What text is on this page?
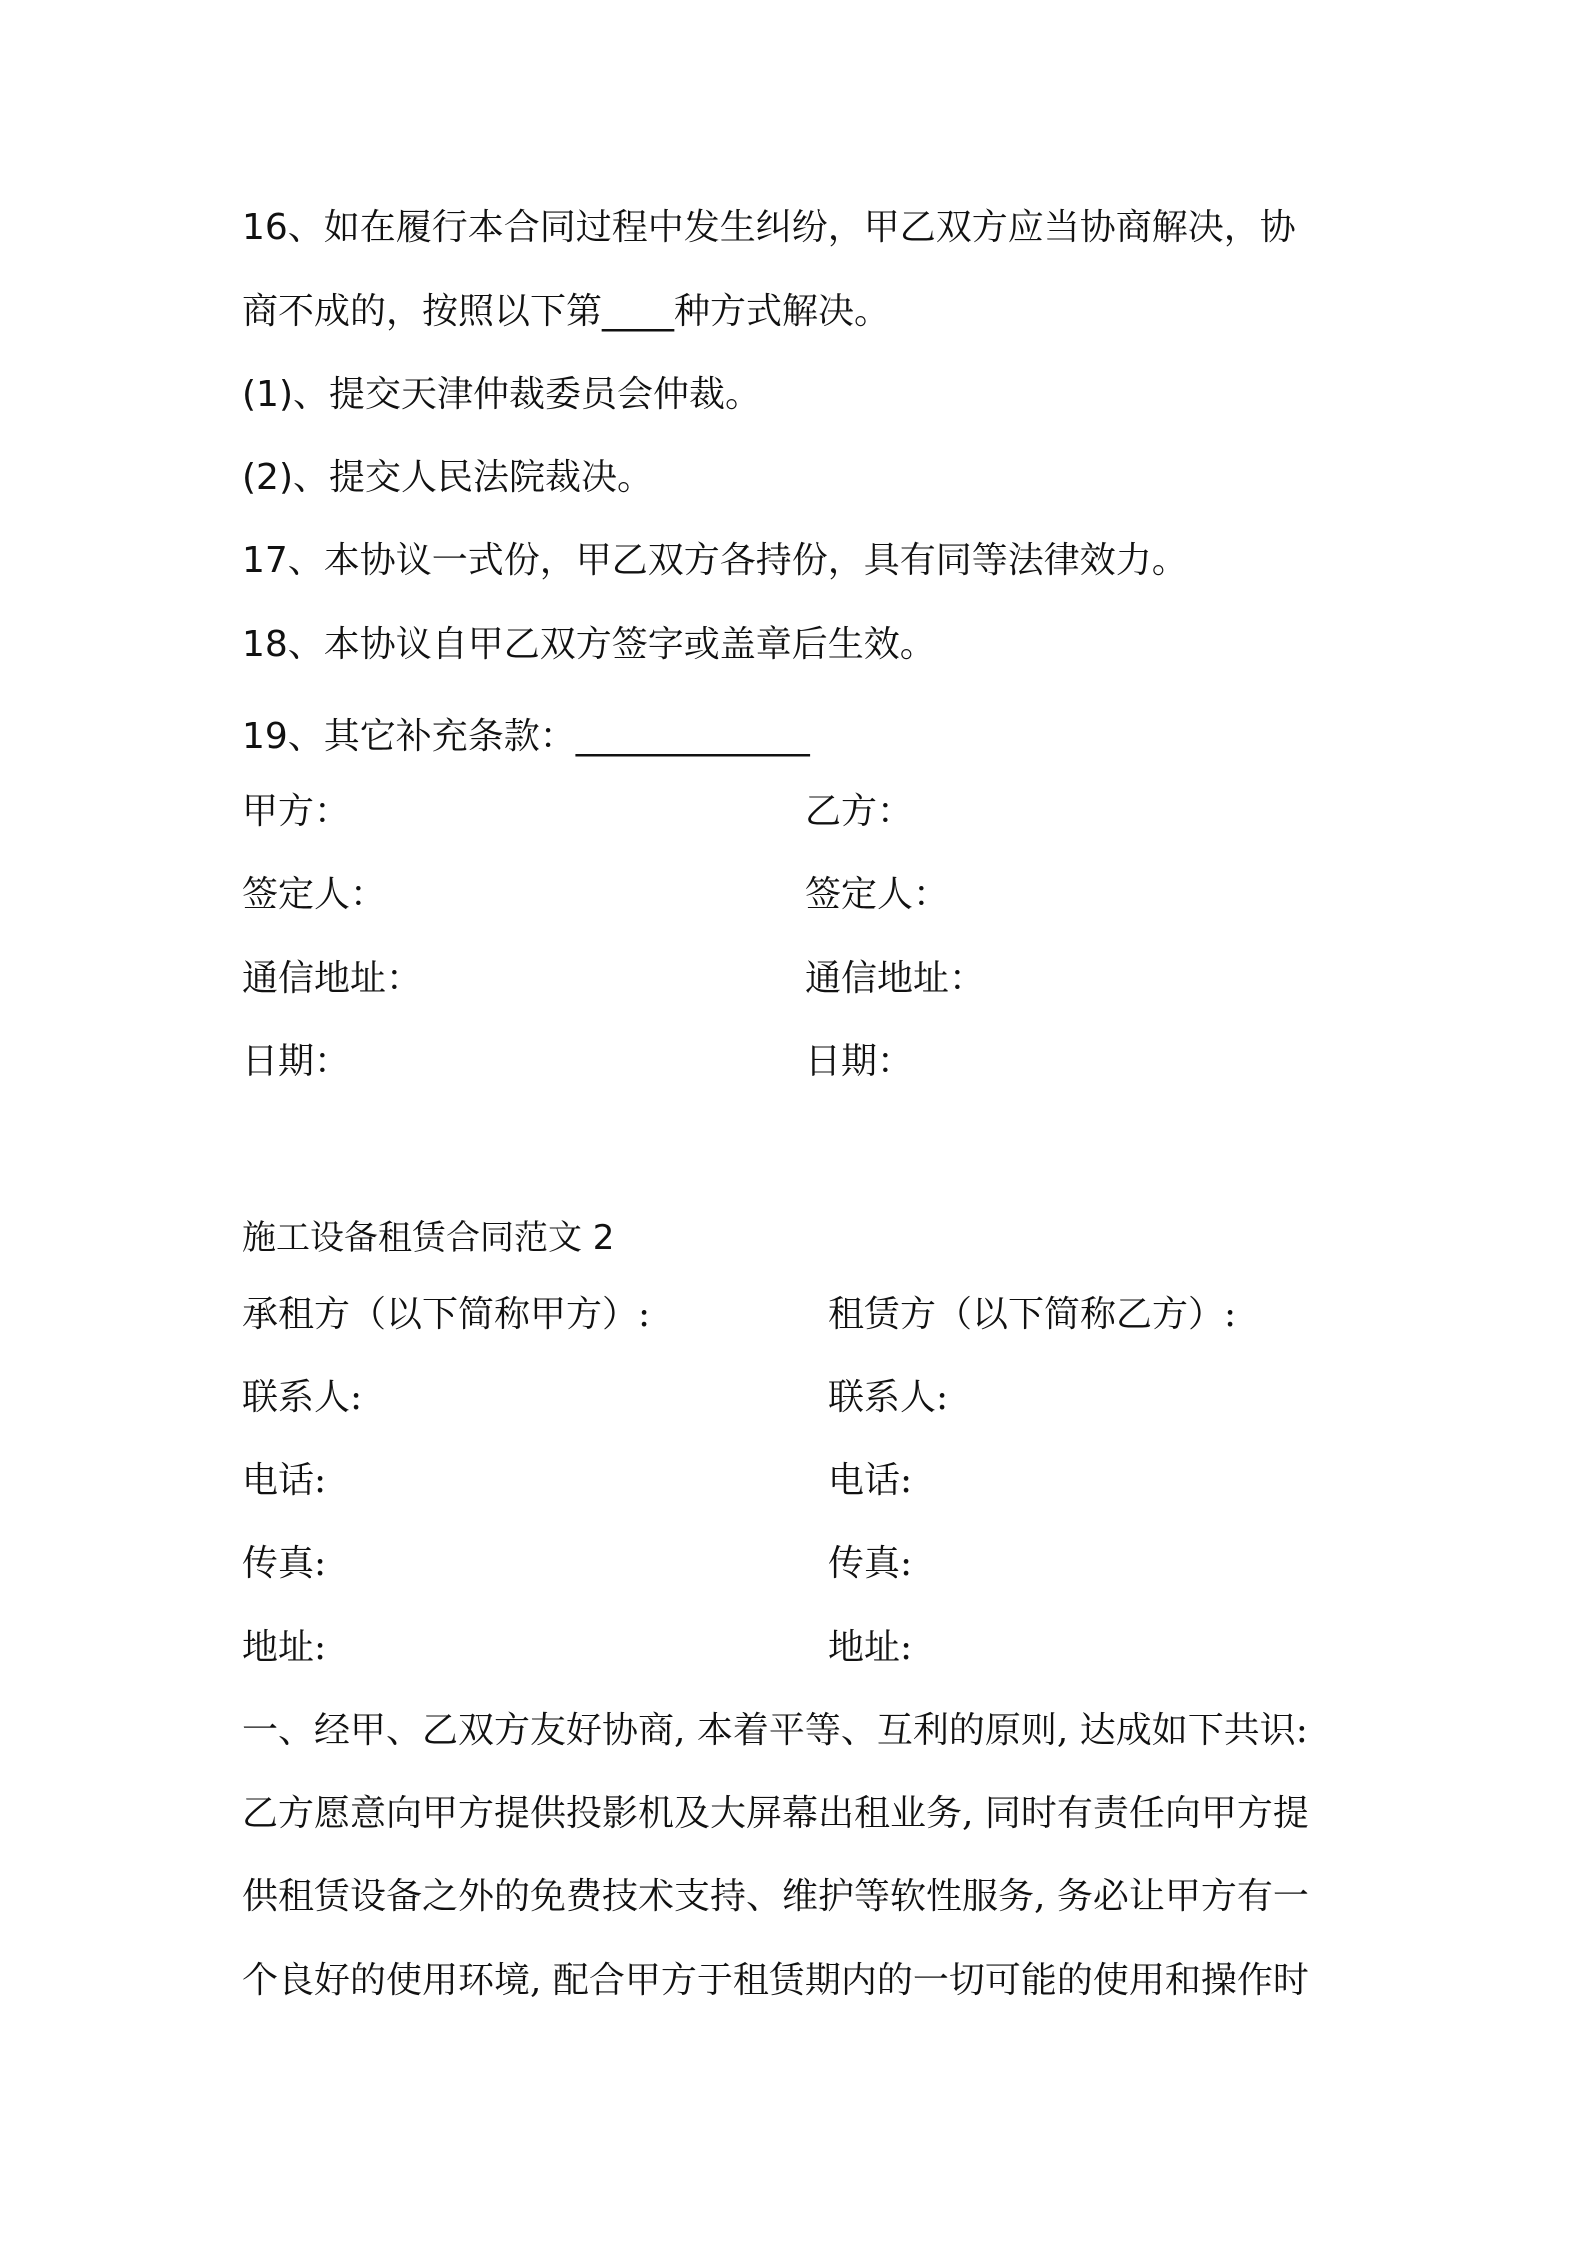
16、如在履行本合同过程中发生纠纷，甲乙双方应当协商解决，协
商不成的，按照以下第____种方式解决。
(1)、提交天津仲裁委员会仲裁。
(2)、提交人民法院裁决。
17、本协议一式份，甲乙双方各持份，具有同等法律效力。
18、本协议自甲乙双方签字或盖章后生效。
19、其它补充条款：_____________
甲方：	乙方：
签定人：	签定人：
通信地址：	通信地址：
日期：	日期：
施工设备租赁合同范文 2
承租方（以下简称甲方）:	租赁方（以下简称乙方）:
联系人:	联系人:
电话:	电话:
传真:	传真:
地址:	地址:
一、经甲、乙双方友好协商, 本着平等、互利的原则, 达成如下共识:
乙方愿意向甲方提供投影机及大屏幕出租业务, 同时有责任向甲方提
供租赁设备之外的免费技术支持、维护等软性服务, 务必让甲方有一
个良好的使用环境, 配合甲方于租赁期内的一切可能的使用和操作时
